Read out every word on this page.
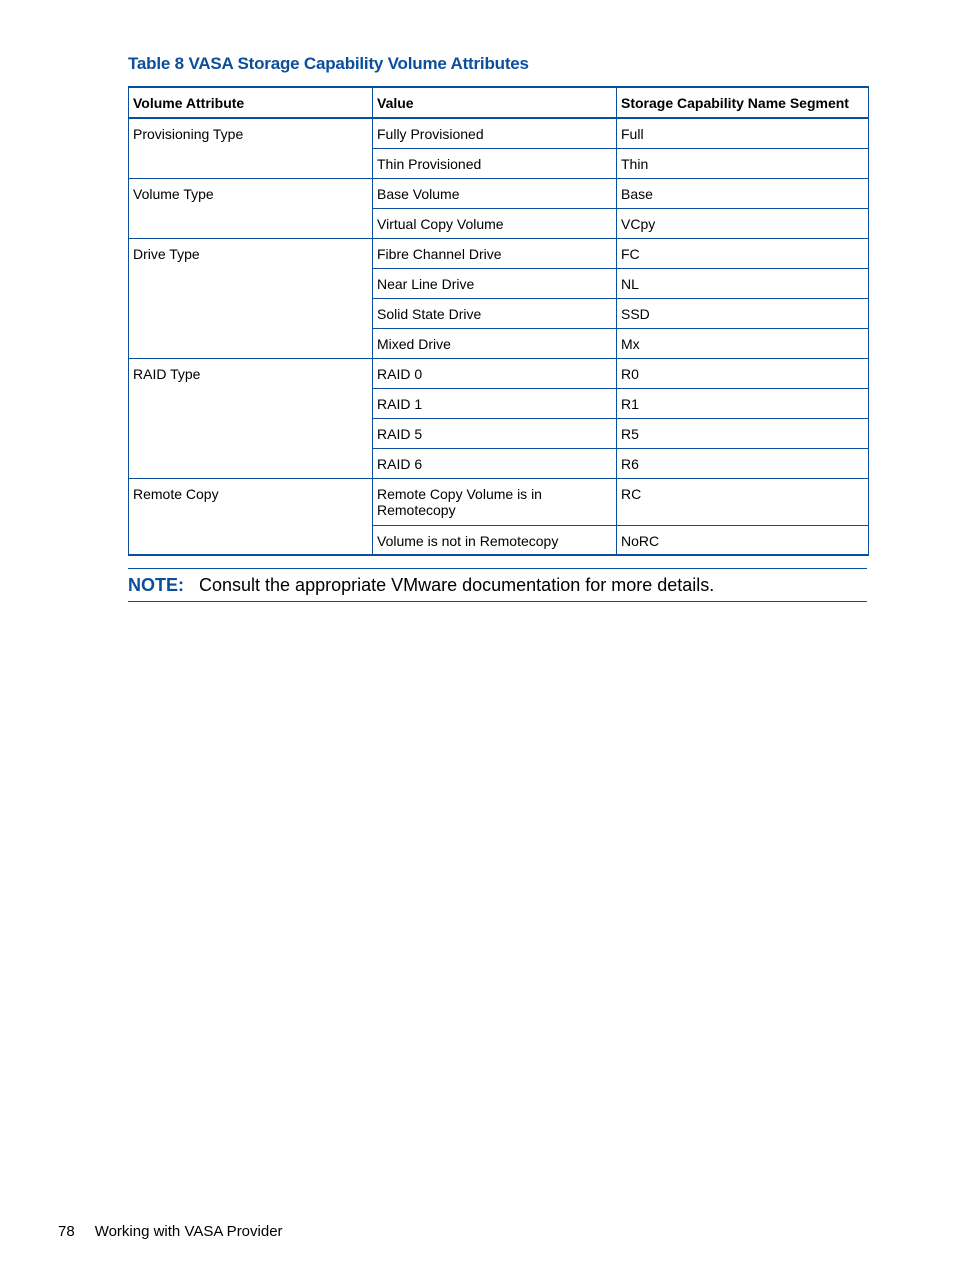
Table 8 VASA Storage Capability Volume Attributes
Volume Attribute	Value	Storage Capability Name Segment
Provisioning Type	Fully Provisioned	Full
	Thin Provisioned	Thin
Volume Type	Base Volume	Base
	Virtual Copy Volume	VCpy
Drive Type	Fibre Channel Drive	FC
	Near Line Drive	NL
	Solid State Drive	SSD
	Mixed Drive	Mx
RAID Type	RAID 0	R0
	RAID 1	R1
	RAID 5	R5
	RAID 6	R6
Remote Copy	Remote Copy Volume is in Remotecopy	RC
	Volume is not in Remotecopy	NoRC
NOTE: Consult the appropriate VMware documentation for more details.
78 Working with VASA Provider
